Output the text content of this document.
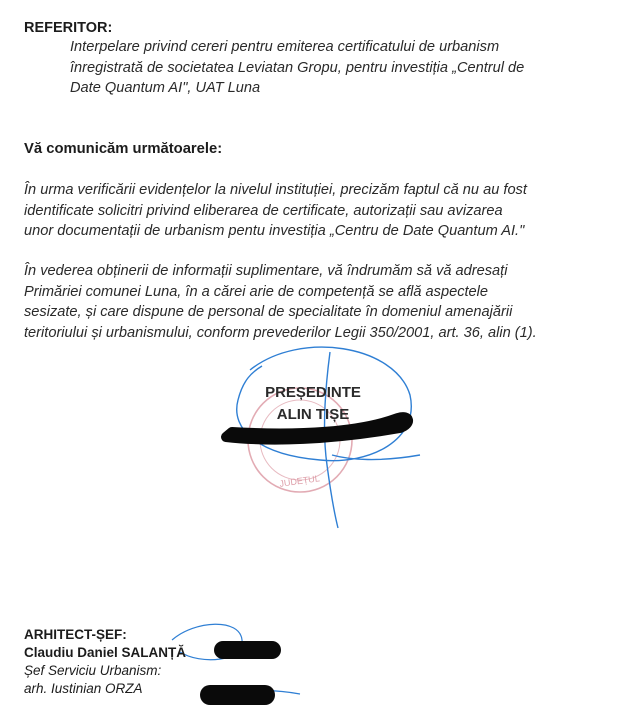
REFERITOR:
Interpelare privind cereri pentru emiterea certificatului de urbanism
înregistrată de societatea Leviatan Gropu, pentru investiția „Centrul de
Date Quantum AI", UAT Luna
Vă comunicăm următoarele:

În urma verificării evidențelor la nivelul instituției, precizăm faptul că nu au fost

identificate solicitri privind eliberarea de certificate, autorizații sau avizarea

unor documentații de urbanism pentu investiția „Centru de Date Quantum AI."

În vederea obținerii de informații suplimentare, vă îndrumăm să vă adresați

Primăriei comunei Luna, în a cărei arie de competență se află aspectele

sesizate, și care dispune de personal de specialitate în domeniul amenajării

teritoriului și urbanismului, conform prevederilor Legii 350/2001, art. 36, alin (1).

JUDEȚUL
PREȘEDINTE
ALIN TIȘE
ARHITECT-ȘEF:
Claudiu Daniel SALANȚĂ
Șef Serviciu Urbanism:
arh. Iustinian ORZA
